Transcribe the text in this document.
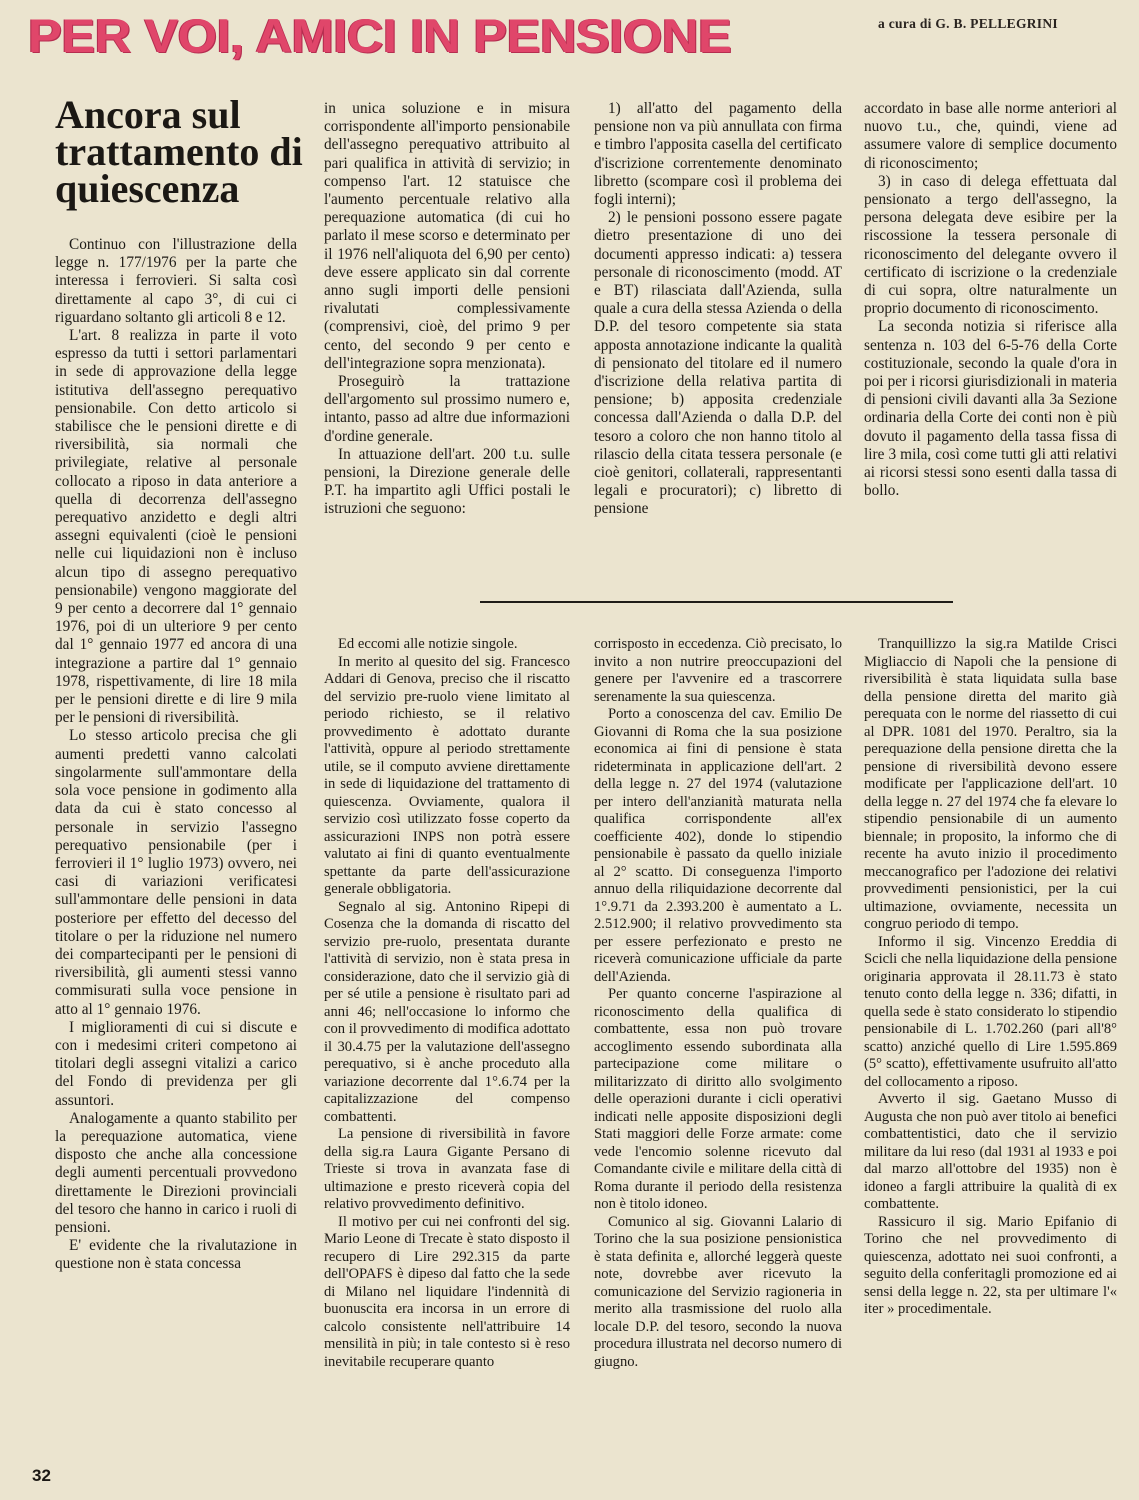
PER VOI, AMICI IN PENSIONE	a cura di G. B. PELLEGRINI
Ancora sul trattamento di quiescenza

Continuo con l'illustrazione della legge n. 177/1976 per la parte che interessa i ferrovieri. Si salta così direttamente al capo 3°, di cui ci riguardano soltanto gli articoli 8 e 12.

L'art. 8 realizza in parte il voto espresso da tutti i settori parlamentari in sede di approvazione della legge istitutiva dell'assegno perequativo pensionabile. Con detto articolo si stabilisce che le pensioni dirette e di riversibilità, sia normali che privilegiate, relative al personale collocato a riposo in data anteriore a quella di decorrenza dell'assegno perequativo anzidetto e degli altri assegni equivalenti (cioè le pensioni nelle cui liquidazioni non è incluso alcun tipo di assegno perequativo pensionabile) vengono maggiorate del 9 per cento a decorrere dal 1° gennaio 1976, poi di un ulteriore 9 per cento dal 1° gennaio 1977 ed ancora di una integrazione a partire dal 1° gennaio 1978, rispettivamente, di lire 18 mila per le pensioni dirette e di lire 9 mila per le pensioni di riversibilità.

Lo stesso articolo precisa che gli aumenti predetti vanno calcolati singolarmente sull'ammontare della sola voce pensione in godimento alla data da cui è stato concesso al personale in servizio l'assegno perequativo pensionabile (per i ferrovieri il 1° luglio 1973) ovvero, nei casi di variazioni verificatesi sull'ammontare delle pensioni in data posteriore per effetto del decesso del titolare o per la riduzione nel numero dei compartecipanti per le pensioni di riversibilità, gli aumenti stessi vanno commisurati sulla voce pensione in atto al 1° gennaio 1976.

I miglioramenti di cui si discute e con i medesimi criteri competono ai titolari degli assegni vitalizi a carico del Fondo di previdenza per gli assuntori.

Analogamente a quanto stabilito per la perequazione automatica, viene disposto che anche alla concessione degli aumenti percentuali provvedono direttamente le Direzioni provinciali del tesoro che hanno in carico i ruoli di pensioni.

E' evidente che la rivalutazione in questione non è stata concessa

in unica soluzione e in misura corrispondente all'importo pensionabile dell'assegno perequativo attribuito al pari qualifica in attività di servizio; in compenso l'art. 12 statuisce che l'aumento percentuale relativo alla perequazione automatica (di cui ho parlato il mese scorso e determinato per il 1976 nell'aliquota del 6,90 per cento) deve essere applicato sin dal corrente anno sugli importi delle pensioni rivalutati complessivamente (comprensivi, cioè, del primo 9 per cento, del secondo 9 per cento e dell'integrazione sopra menzionata).

Proseguirò la trattazione dell'argomento sul prossimo numero e, intanto, passo ad altre due informazioni d'ordine generale.

In attuazione dell'art. 200 t.u. sulle pensioni, la Direzione generale delle P.T. ha impartito agli Uffici postali le istruzioni che seguono:

1) all'atto del pagamento della pensione non va più annullata con firma e timbro l'apposita casella del certificato d'iscrizione correntemente denominato libretto (scompare così il problema dei fogli interni);

2) le pensioni possono essere pagate dietro presentazione di uno dei documenti appresso indicati: a) tessera personale di riconoscimento (modd. AT e BT) rilasciata dall'Azienda, sulla quale a cura della stessa Azienda o della D.P. del tesoro competente sia stata apposta annotazione indicante la qualità di pensionato del titolare ed il numero d'iscrizione della relativa partita di pensione; b) apposita credenziale concessa dall'Azienda o dalla D.P. del tesoro a coloro che non hanno titolo al rilascio della citata tessera personale (e cioè genitori, collaterali, rappresentanti legali e procuratori); c) libretto di pensione

accordato in base alle norme anteriori al nuovo t.u., che, quindi, viene ad assumere valore di semplice documento di riconoscimento;

3) in caso di delega effettuata dal pensionato a tergo dell'assegno, la persona delegata deve esibire per la riscossione la tessera personale di riconoscimento del delegante ovvero il certificato di iscrizione o la credenziale di cui sopra, oltre naturalmente un proprio documento di riconoscimento.

La seconda notizia si riferisce alla sentenza n. 103 del 6-5-76 della Corte costituzionale, secondo la quale d'ora in poi per i ricorsi giurisdizionali in materia di pensioni civili davanti alla 3a Sezione ordinaria della Corte dei conti non è più dovuto il pagamento della tassa fissa di lire 3 mila, così come tutti gli atti relativi ai ricorsi stessi sono esenti dalla tassa di bollo.

Ed eccomi alle notizie singole.

In merito al quesito del sig. Francesco Addari di Genova, preciso che il riscatto del servizio pre-ruolo viene limitato al periodo richiesto, se il relativo provvedimento è adottato durante l'attività, oppure al periodo strettamente utile, se il computo avviene direttamente in sede di liquidazione del trattamento di quiescenza. Ovviamente, qualora il servizio così utilizzato fosse coperto da assicurazioni INPS non potrà essere valutato ai fini di quanto eventualmente spettante da parte dell'assicurazione generale obbligatoria.

Segnalo al sig. Antonino Ripepi di Cosenza che la domanda di riscatto del servizio pre-ruolo, presentata durante l'attività di servizio, non è stata presa in considerazione, dato che il servizio già di per sé utile a pensione è risultato pari ad anni 46; nell'occasione lo informo che con il provvedimento di modifica adottato il 30.4.75 per la valutazione dell'assegno perequativo, si è anche proceduto alla variazione decorrente dal 1°.6.74 per la capitalizzazione del compenso combattenti.

La pensione di riversibilità in favore della sig.ra Laura Gigante Persano di Trieste si trova in avanzata fase di ultimazione e presto riceverà copia del relativo provvedimento definitivo.

Il motivo per cui nei confronti del sig. Mario Leone di Trecate è stato disposto il recupero di Lire 292.315 da parte dell'OPAFS è dipeso dal fatto che la sede di Milano nel liquidare l'indennità di buonuscita era incorsa in un errore di calcolo consistente nell'attribuire 14 mensilità in più; in tale contesto si è reso inevitabile recuperare quanto

corrisposto in eccedenza. Ciò precisato, lo invito a non nutrire preoccupazioni del genere per l'avvenire ed a trascorrere serenamente la sua quiescenza.

Porto a conoscenza del cav. Emilio De Giovanni di Roma che la sua posizione economica ai fini di pensione è stata rideterminata in applicazione dell'art. 2 della legge n. 27 del 1974 (valutazione per intero dell'anzianità maturata nella qualifica corrispondente all'ex coefficiente 402), donde lo stipendio pensionabile è passato da quello iniziale al 2° scatto. Di conseguenza l'importo annuo della riliquidazione decorrente dal 1°.9.71 da 2.393.200 è aumentato a L. 2.512.900; il relativo provvedimento sta per essere perfezionato e presto ne riceverà comunicazione ufficiale da parte dell'Azienda.

Per quanto concerne l'aspirazione al riconoscimento della qualifica di combattente, essa non può trovare accoglimento essendo subordinata alla partecipazione come militare o militarizzato di diritto allo svolgimento delle operazioni durante i cicli operativi indicati nelle apposite disposizioni degli Stati maggiori delle Forze armate: come vede l'encomio solenne ricevuto dal Comandante civile e militare della città di Roma durante il periodo della resistenza non è titolo idoneo.

Comunico al sig. Giovanni Lalario di Torino che la sua posizione pensionistica è stata definita e, allorché leggerà queste note, dovrebbe aver ricevuto la comunicazione del Servizio ragioneria in merito alla trasmissione del ruolo alla locale D.P. del tesoro, secondo la nuova procedura illustrata nel decorso numero di giugno.

Tranquillizzo la sig.ra Matilde Crisci Migliaccio di Napoli che la pensione di riversibilità è stata liquidata sulla base della pensione diretta del marito già perequata con le norme del riassetto di cui al DPR. 1081 del 1970. Peraltro, sia la perequazione della pensione diretta che la pensione di riversibilità devono essere modificate per l'applicazione dell'art. 10 della legge n. 27 del 1974 che fa elevare lo stipendio pensionabile di un aumento biennale; in proposito, la informo che di recente ha avuto inizio il procedimento meccanografico per l'adozione dei relativi provvedimenti pensionistici, per la cui ultimazione, ovviamente, necessita un congruo periodo di tempo.

Informo il sig. Vincenzo Ereddia di Scicli che nella liquidazione della pensione originaria approvata il 28.11.73 è stato tenuto conto della legge n. 336; difatti, in quella sede è stato considerato lo stipendio pensionabile di L. 1.702.260 (pari all'8° scatto) anziché quello di Lire 1.595.869 (5° scatto), effettivamente usufruito all'atto del collocamento a riposo.

Avverto il sig. Gaetano Musso di Augusta che non può aver titolo ai benefici combattentistici, dato che il servizio militare da lui reso (dal 1931 al 1933 e poi dal marzo all'ottobre del 1935) non è idoneo a fargli attribuire la qualità di ex combattente.

Rassicuro il sig. Mario Epifanio di Torino che nel provvedimento di quiescenza, adottato nei suoi confronti, a seguito della conferitagli promozione ed ai sensi della legge n. 22, sta per ultimare l'« iter » procedimentale.

32
